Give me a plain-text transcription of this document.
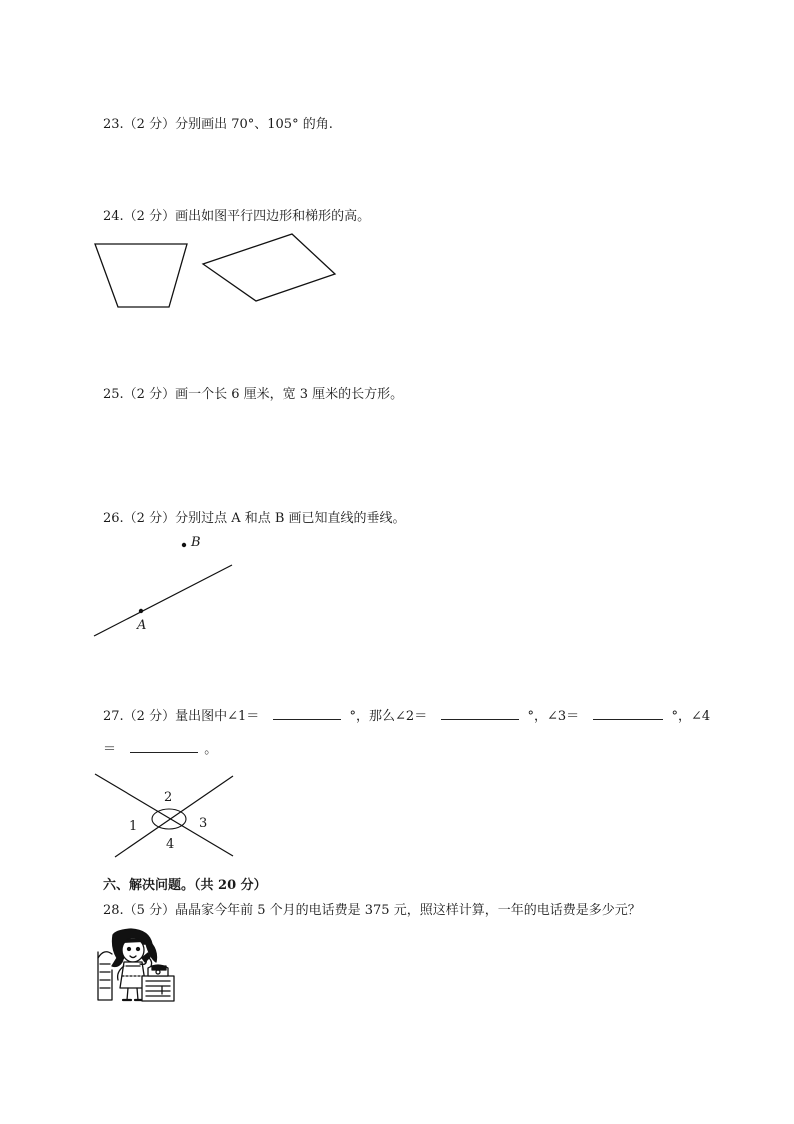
23.（2 分）分别画出 70°、105° 的角.
24.（2 分）画出如图平行四边形和梯形的高。
25.（2 分）画一个长 6 厘米，宽 3 厘米的长方形。
26.（2 分）分别过点 A 和点 B 画已知直线的垂线。
A
B
27.（2 分）量出图中∠1＝	°，那么∠2＝	°，∠3＝	°，∠4
＝	。
1
2
3
4
六、解决问题。（共 20 分）
28.（5 分）晶晶家今年前 5 个月的电话费是 375 元，照这样计算，一年的电话费是多少元？
